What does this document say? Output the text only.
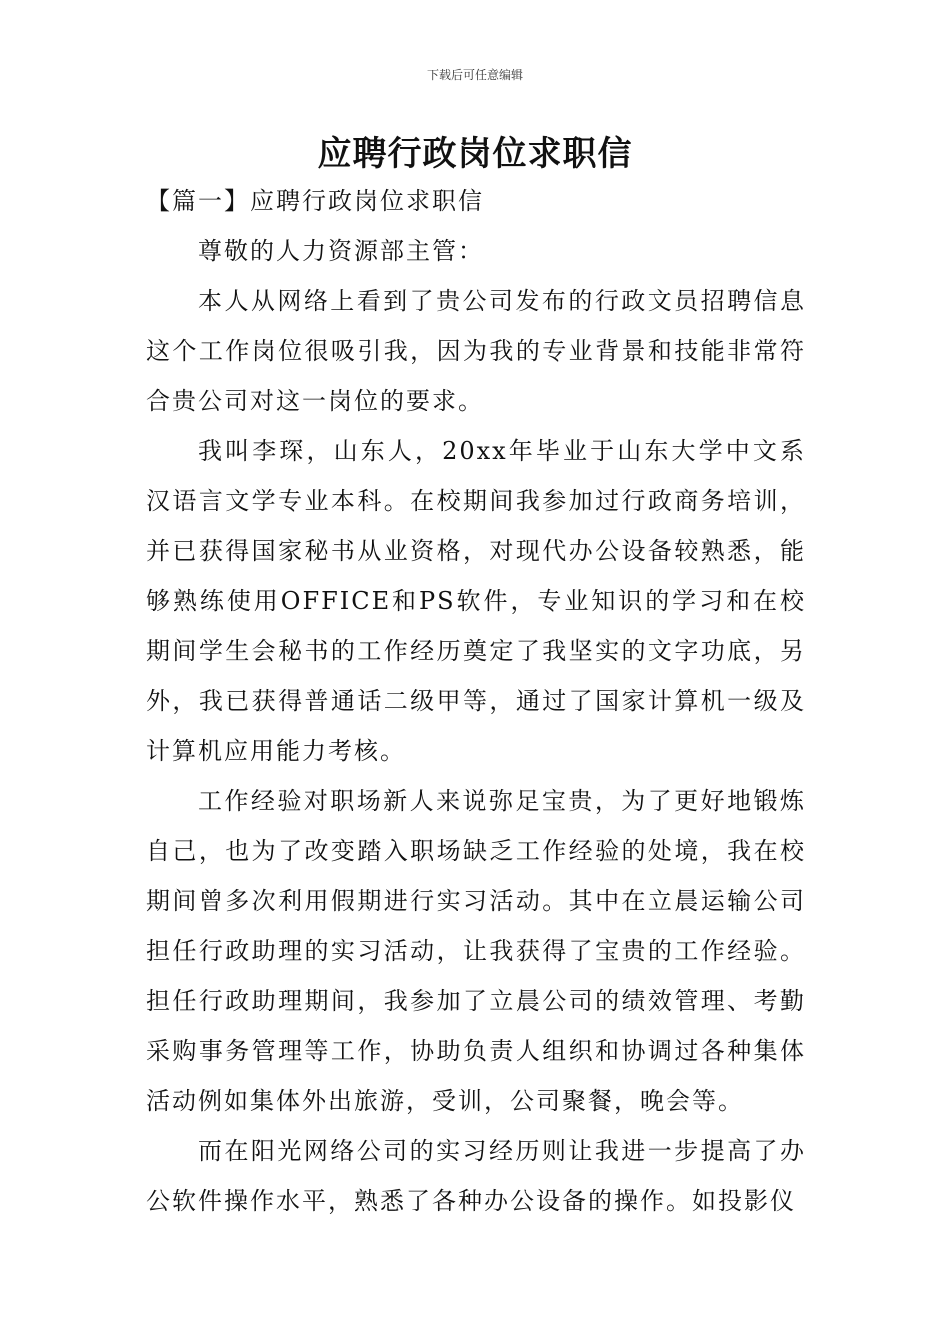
下载后可任意编辑
应聘行政岗位求职信

【篇一】应聘行政岗位求职信

尊敬的人力资源部主管：

本人从网络上看到了贵公司发布的行政文员招聘信息这个工作岗位很吸引我，因为我的专业背景和技能非常符合贵公司对这一岗位的要求。

我叫李琛，山东人，20xx年毕业于山东大学中文系汉语言文学专业本科。在校期间我参加过行政商务培训，并已获得国家秘书从业资格，对现代办公设备较熟悉，能够熟练使用OFFICE和PS软件，专业知识的学习和在校期间学生会秘书的工作经历奠定了我坚实的文字功底，另外，我已获得普通话二级甲等，通过了国家计算机一级及计算机应用能力考核。

工作经验对职场新人来说弥足宝贵，为了更好地锻炼自己，也为了改变踏入职场缺乏工作经验的处境，我在校期间曾多次利用假期进行实习活动。其中在立晨运输公司担任行政助理的实习活动，让我获得了宝贵的工作经验。担任行政助理期间，我参加了立晨公司的绩效管理、考勤采购事务管理等工作，协助负责人组织和协调过各种集体活动例如集体外出旅游，受训，公司聚餐，晚会等。

而在阳光网络公司的实习经历则让我进一步提高了办公软件操作水平，熟悉了各种办公设备的操作。如投影仪
